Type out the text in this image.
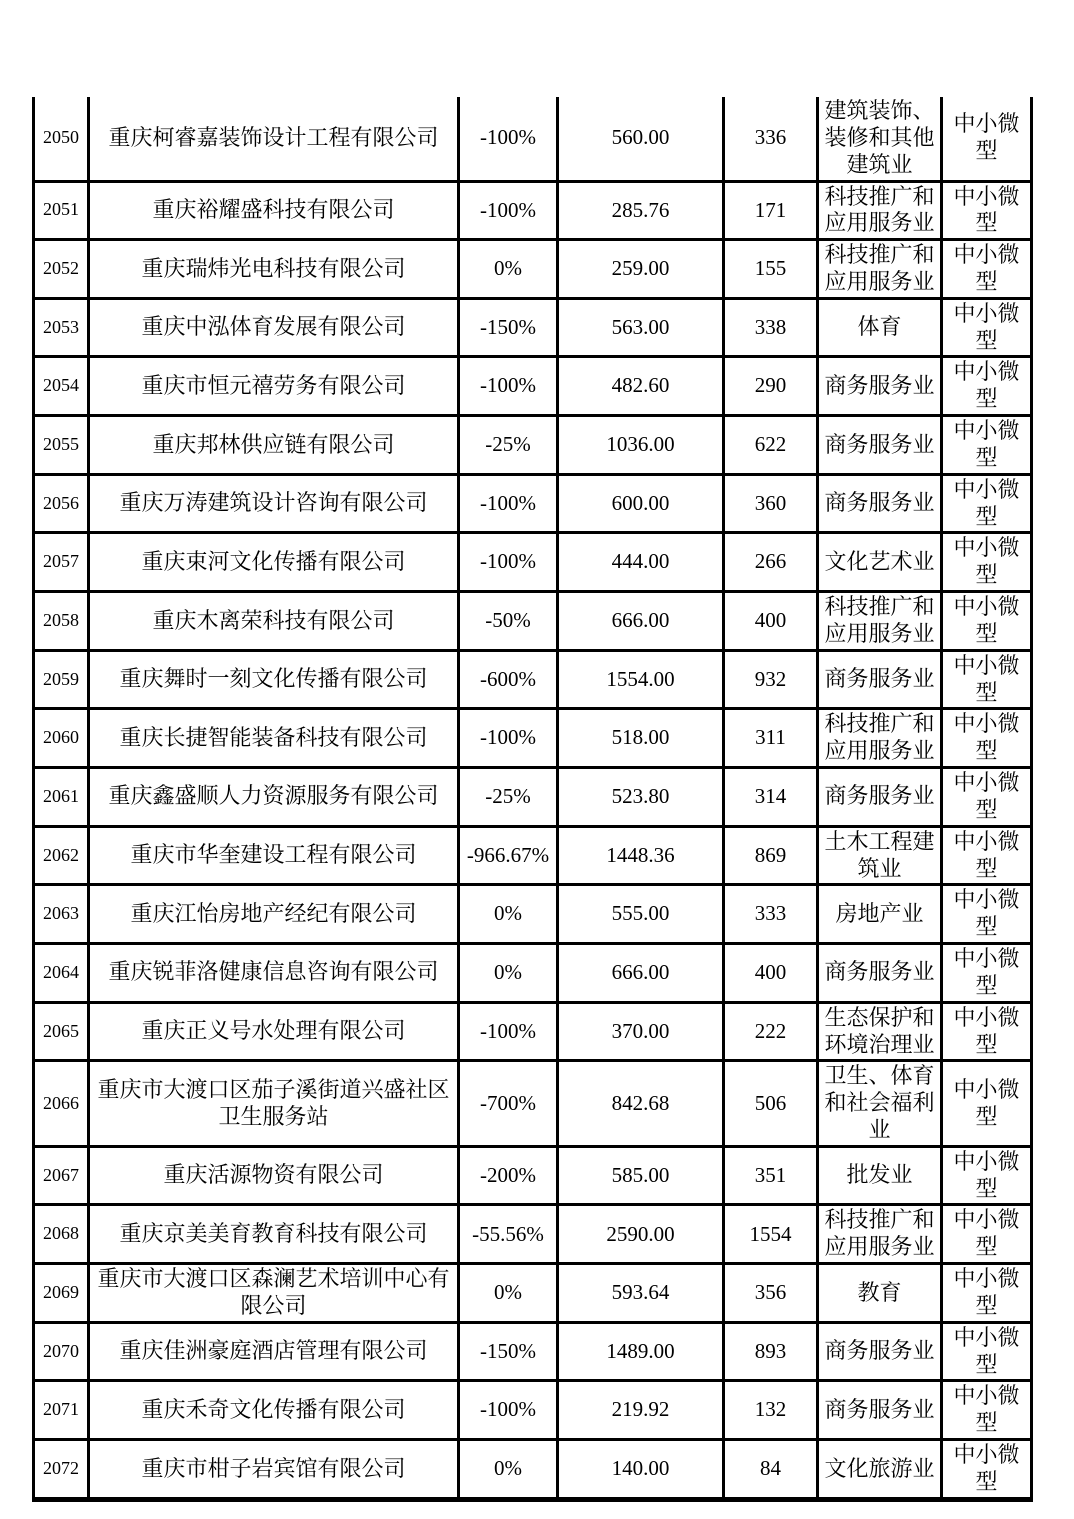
2050	重庆柯睿嘉装饰设计工程有限公司	-100%	560.00	336	建筑装饰、装修和其他建筑业	中小微型
2051	重庆裕耀盛科技有限公司	-100%	285.76	171	科技推广和应用服务业	中小微型
2052	重庆瑞炜光电科技有限公司	0%	259.00	155	科技推广和应用服务业	中小微型
2053	重庆中泓体育发展有限公司	-150%	563.00	338	体育	中小微型
2054	重庆市恒元禧劳务有限公司	-100%	482.60	290	商务服务业	中小微型
2055	重庆邦林供应链有限公司	-25%	1036.00	622	商务服务业	中小微型
2056	重庆万涛建筑设计咨询有限公司	-100%	600.00	360	商务服务业	中小微型
2057	重庆束河文化传播有限公司	-100%	444.00	266	文化艺术业	中小微型
2058	重庆木离荣科技有限公司	-50%	666.00	400	科技推广和应用服务业	中小微型
2059	重庆舞时一刻文化传播有限公司	-600%	1554.00	932	商务服务业	中小微型
2060	重庆长捷智能装备科技有限公司	-100%	518.00	311	科技推广和应用服务业	中小微型
2061	重庆鑫盛顺人力资源服务有限公司	-25%	523.80	314	商务服务业	中小微型
2062	重庆市华奎建设工程有限公司	-966.67%	1448.36	869	土木工程建筑业	中小微型
2063	重庆江怡房地产经纪有限公司	0%	555.00	333	房地产业	中小微型
2064	重庆锐菲洛健康信息咨询有限公司	0%	666.00	400	商务服务业	中小微型
2065	重庆正义号水处理有限公司	-100%	370.00	222	生态保护和环境治理业	中小微型
2066	重庆市大渡口区茄子溪街道兴盛社区卫生服务站	-700%	842.68	506	卫生、体育和社会福利业	中小微型
2067	重庆活源物资有限公司	-200%	585.00	351	批发业	中小微型
2068	重庆京美美育教育科技有限公司	-55.56%	2590.00	1554	科技推广和应用服务业	中小微型
2069	重庆市大渡口区森澜艺术培训中心有限公司	0%	593.64	356	教育	中小微型
2070	重庆佳洲豪庭酒店管理有限公司	-150%	1489.00	893	商务服务业	中小微型
2071	重庆禾奇文化传播有限公司	-100%	219.92	132	商务服务业	中小微型
2072	重庆市柑子岩宾馆有限公司	0%	140.00	84	文化旅游业	中小微型
